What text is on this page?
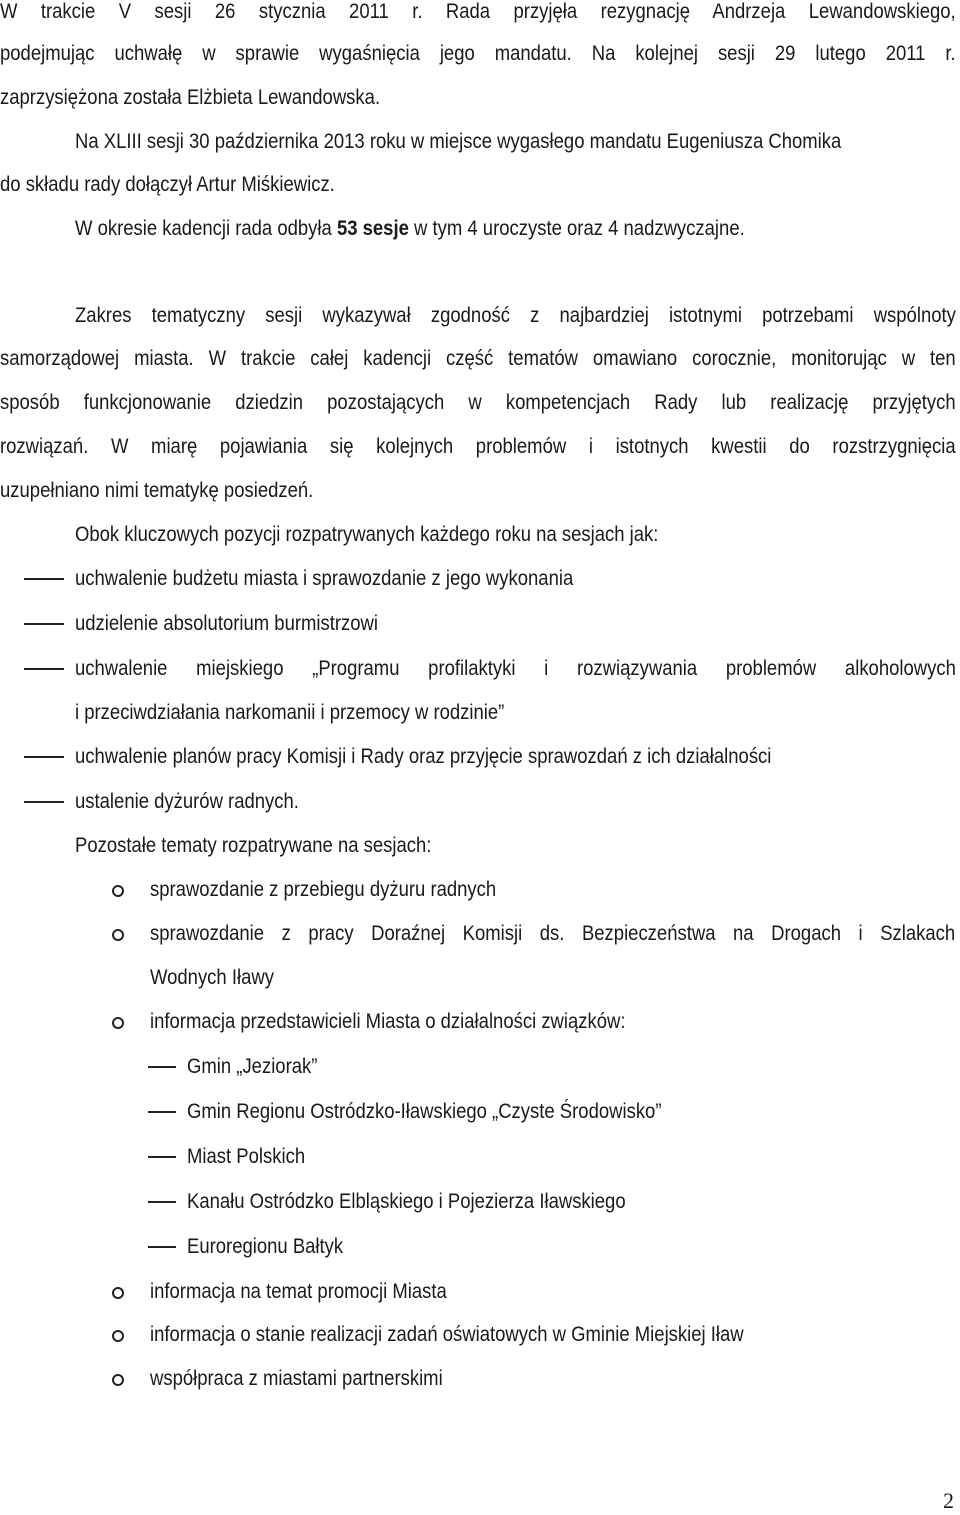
W trakcie V sesji 26 stycznia 2011 r. Rada przyjęła rezygnację Andrzeja Lewandowskiego,
podejmując uchwałę w sprawie wygaśnięcia jego mandatu. Na kolejnej sesji 29 lutego 2011 r.
zaprzysiężona została Elżbieta Lewandowska.
Na XLIII sesji 30 października 2013 roku w miejsce wygasłego mandatu Eugeniusza Chomika
do składu rady dołączył Artur Miśkiewicz.
W okresie kadencji rada odbyła 53 sesje w tym 4 uroczyste oraz 4 nadzwyczajne.
Zakres tematyczny sesji wykazywał zgodność z najbardziej istotnymi potrzebami wspólnoty
samorządowej miasta. W trakcie całej kadencji część tematów omawiano corocznie, monitorując w ten
sposób funkcjonowanie dziedzin pozostających w kompetencjach Rady lub realizację przyjętych
rozwiązań. W miarę pojawiania się kolejnych problemów i istotnych kwestii do rozstrzygnięcia
uzupełniano nimi tematykę posiedzeń.
Obok kluczowych pozycji rozpatrywanych każdego roku na sesjach jak:
uchwalenie budżetu miasta i sprawozdanie z jego wykonania
udzielenie absolutorium burmistrzowi
uchwalenie miejskiego „Programu profilaktyki i rozwiązywania problemów alkoholowych
i przeciwdziałania narkomanii i przemocy w rodzinie”
uchwalenie planów pracy Komisji i Rady oraz przyjęcie sprawozdań z ich działalności
ustalenie dyżurów radnych.
Pozostałe tematy rozpatrywane na sesjach:
sprawozdanie z przebiegu dyżuru radnych
sprawozdanie z pracy Doraźnej Komisji ds. Bezpieczeństwa na Drogach i Szlakach
Wodnych Iławy
informacja przedstawicieli Miasta o działalności związków:
Gmin „Jeziorak”
Gmin Regionu Ostródzko-Iławskiego „Czyste Środowisko”
Miast Polskich
Kanału Ostródzko Elbląskiego i Pojezierza Iławskiego
Euroregionu Bałtyk
informacja na temat promocji Miasta
informacja o stanie realizacji zadań oświatowych w Gminie Miejskiej Iław
współpraca z miastami partnerskimi
2
